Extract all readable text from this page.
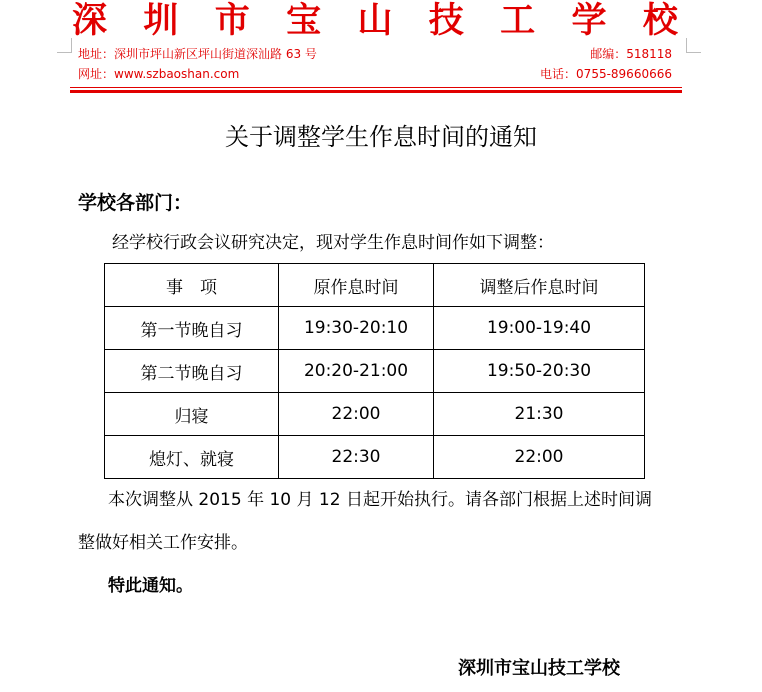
深 圳 市 宝 山 技 工 学 校
地址：深圳市坪山新区坪山街道深汕路 63 号	邮编：518118
网址：www.szbaoshan.com	电话：0755-89660666
关于调整学生作息时间的通知
学校各部门：
经学校行政会议研究决定，现对学生作息时间作如下调整：
事　项	原作息时间	调整后作息时间
第一节晚自习	19:30-20:10	19:00-19:40
第二节晚自习	20:20-21:00	19:50-20:30
归寝	22:00	21:30
熄灯、就寝	22:30	22:00
本次调整从 2015 年 10 月 12 日起开始执行。请各部门根据上述时间调
整做好相关工作安排。
特此通知。
深圳市宝山技工学校
